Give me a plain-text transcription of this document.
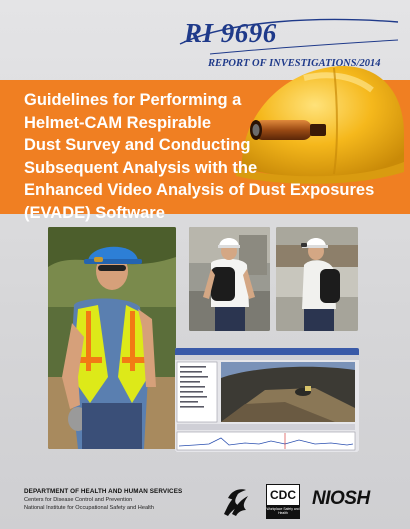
RI 9696
REPORT OF INVESTIGATIONS/2014
Guidelines for Performing a
Helmet-CAM Respirable
Dust Survey and Conducting
Subsequent Analysis with the
Enhanced Video Analysis of Dust Exposures
(EVADE) Software
DEPARTMENT OF HEALTH AND HUMAN SERVICES
Centers for Disease Control and Prevention
National Institute for Occupational Safety and Health
CDC
Workplace Safety and Health
NIOSH
